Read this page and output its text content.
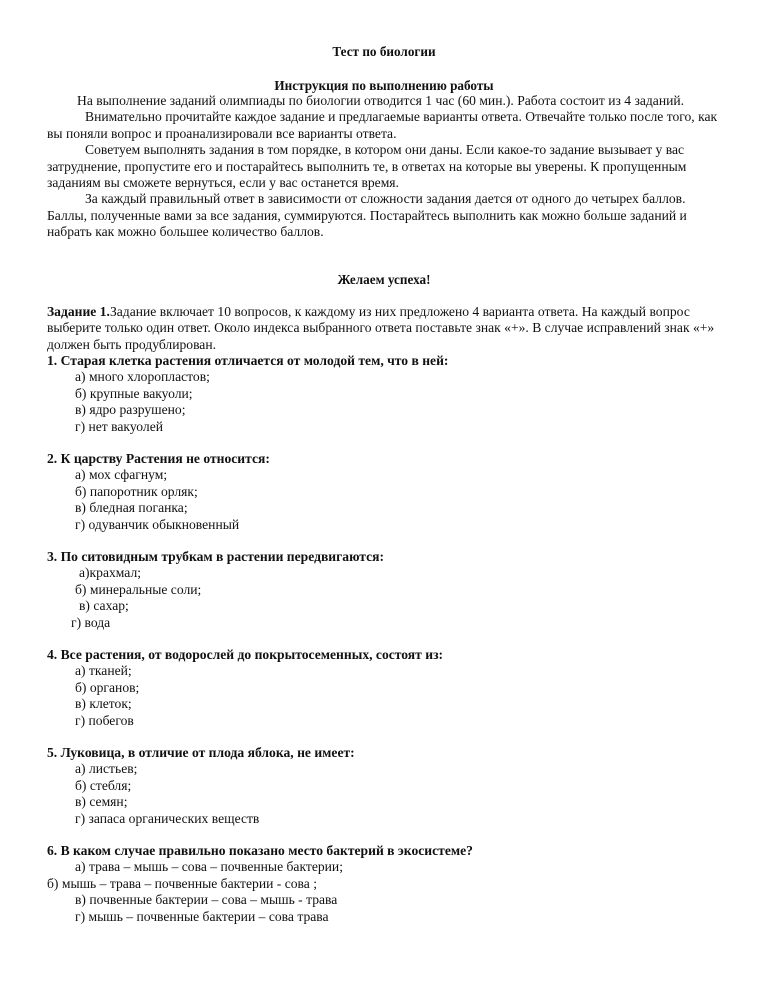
Тест по биологии
Инструкция по выполнению работы

На выполнение заданий олимпиады по биологии отводится 1 час (60 мин.). Работа состоит из 4 заданий.

Внимательно прочитайте каждое задание и предлагаемые варианты ответа. Отвечайте только после того, как вы поняли вопрос и проанализировали все варианты ответа.

Советуем выполнять задания в том порядке, в котором они даны. Если какое-то задание вызывает у вас затруднение, пропустите его и постарайтесь выполнить те, в ответах на которые вы уверены. К пропущенным заданиям вы сможете вернуться, если у вас останется время.

За каждый правильный ответ в зависимости от сложности задания дается от одного до четырех баллов. Баллы, полученные вами за все задания, суммируются. Постарайтесь выполнить как можно больше заданий и набрать как можно большее количество баллов.

Желаем успеха!

Задание 1.Задание включает 10 вопросов, к каждому из них предложено 4 варианта ответа. На каждый вопрос выберите только один ответ. Около индекса выбранного ответа поставьте знак «+». В случае исправлений знак «+» должен быть продублирован.

1. Старая клетка растения отличается от молодой тем, что в ней:
а) много хлоропластов;
б) крупные вакуоли;
в) ядро разрушено;
г) нет вакуолей
2. К царству Растения не относится:
а) мох сфагнум;
б) папоротник орляк;
в) бледная поганка;
г) одуванчик обыкновенный
3. По ситовидным трубкам в растении передвигаются:
а)крахмал;
б) минеральные соли;
в) сахар;
г) вода
4. Все растения, от водорослей до покрытосеменных, состоят из:
а) тканей;
б) органов;
в) клеток;
г) побегов
5. Луковица, в отличие от плода яблока, не имеет:
а) листьев;
б) стебля;
в) семян;
г) запаса органических веществ
6. В каком случае правильно показано место бактерий в экосистеме?
а) трава – мышь – сова – почвенные бактерии;
б) мышь – трава – почвенные бактерии - сова ;
в) почвенные бактерии – сова – мышь - трава
г) мышь – почвенные бактерии – сова трава
